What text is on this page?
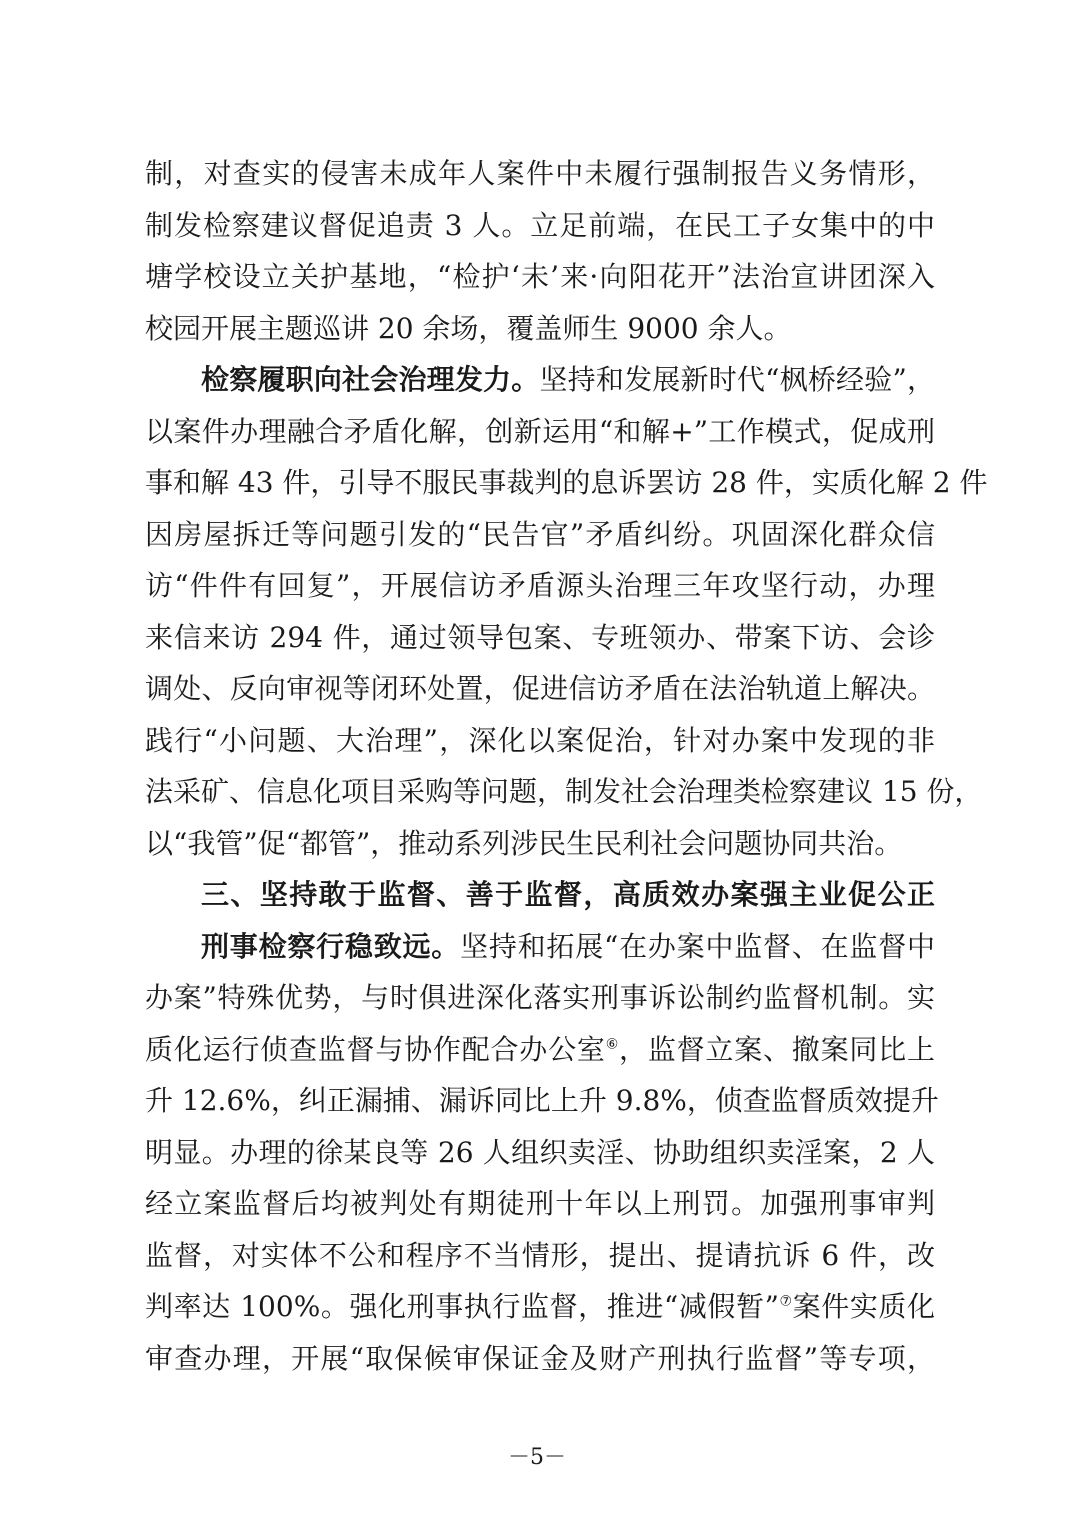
制，对查实的侵害未成年人案件中未履行强制报告义务情形，
制发检察建议督促追责 3 人。立足前端，在民工子女集中的中
塘学校设立关护基地，“检护‘未’来·向阳花开”法治宣讲团深入
校园开展主题巡讲 20 余场，覆盖师生 9000 余人。
检察履职向社会治理发力。坚持和发展新时代“枫桥经验”，
以案件办理融合矛盾化解，创新运用“和解+”工作模式，促成刑
事和解 43 件，引导不服民事裁判的息诉罢访 28 件，实质化解 2 件
因房屋拆迁等问题引发的“民告官”矛盾纠纷。巩固深化群众信
访“件件有回复”，开展信访矛盾源头治理三年攻坚行动，办理
来信来访 294 件，通过领导包案、专班领办、带案下访、会诊
调处、反向审视等闭环处置，促进信访矛盾在法治轨道上解决。
践行“小问题、大治理”，深化以案促治，针对办案中发现的非
法采矿、信息化项目采购等问题，制发社会治理类检察建议 15 份，
以“我管”促“都管”，推动系列涉民生民利社会问题协同共治。
三、坚持敢于监督、善于监督，高质效办案强主业促公正
刑事检察行稳致远。坚持和拓展“在办案中监督、在监督中
办案”特殊优势，与时俱进深化落实刑事诉讼制约监督机制。实
质化运行侦查监督与协作配合办公室⑥，监督立案、撤案同比上
升 12.6%，纠正漏捕、漏诉同比上升 9.8%，侦查监督质效提升
明显。办理的徐某良等 26 人组织卖淫、协助组织卖淫案，2 人
经立案监督后均被判处有期徒刑十年以上刑罚。加强刑事审判
监督，对实体不公和程序不当情形，提出、提请抗诉 6 件，改
判率达 100%。强化刑事执行监督，推进“减假暂”⑦案件实质化
审查办理，开展“取保候审保证金及财产刑执行监督”等专项，
－5－
